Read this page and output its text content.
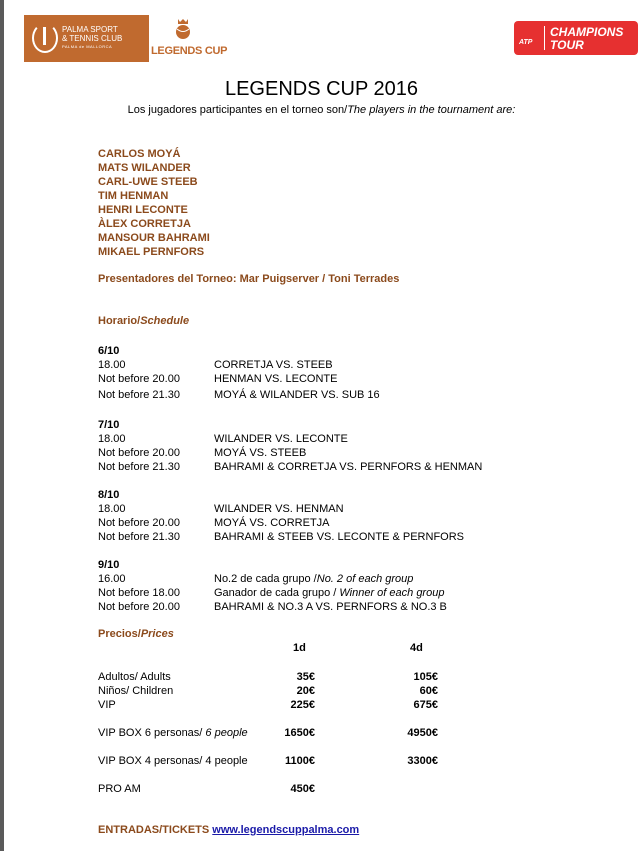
PALMA SPORT
& TENNIS CLUB
PALMA de MALLORCA	LEGENDS CUP
ATP
CHAMPIONS
TOUR
LEGENDS CUP 2016
Los jugadores participantes en el torneo son/The players in the tournament are:
CARLOS MOYÁ
MATS WILANDER
CARL-UWE STEEB
TIM HENMAN
HENRI LECONTE
ÀLEX CORRETJA
MANSOUR BAHRAMI
MIKAEL PERNFORS
Presentadores del Torneo: Mar Puigserver / Toni Terrades
Horario/Schedule
6/10
18.00	CORRETJA VS. STEEB
Not before 20.00	HENMAN VS. LECONTE
Not before 21.30	MOYÁ & WILANDER VS. SUB 16
7/10
18.00	WILANDER VS. LECONTE
Not before 20.00	MOYÁ VS. STEEB
Not before 21.30	BAHRAMI & CORRETJA VS. PERNFORS & HENMAN
8/10
18.00	WILANDER VS. HENMAN
Not before 20.00	MOYÁ VS. CORRETJA
Not before 21.30	BAHRAMI & STEEB VS. LECONTE & PERNFORS
9/10
16.00	No.2 de cada grupo /No. 2 of each group
Not before 18.00	Ganador de cada grupo / Winner of each group
Not before 20.00	BAHRAMI & NO.3 A VS. PERNFORS & NO.3 B
Precios/Prices
1d	4d
Adultos/ Adults	35€	105€
Niños/ Children	20€	60€
VIP	225€	675€
VIP BOX 6 personas/ 6 people	1650€	4950€
VIP BOX 4 personas/ 4 people	1100€	3300€
PRO AM	450€
ENTRADAS/TICKETS www.legendscuppalma.com
